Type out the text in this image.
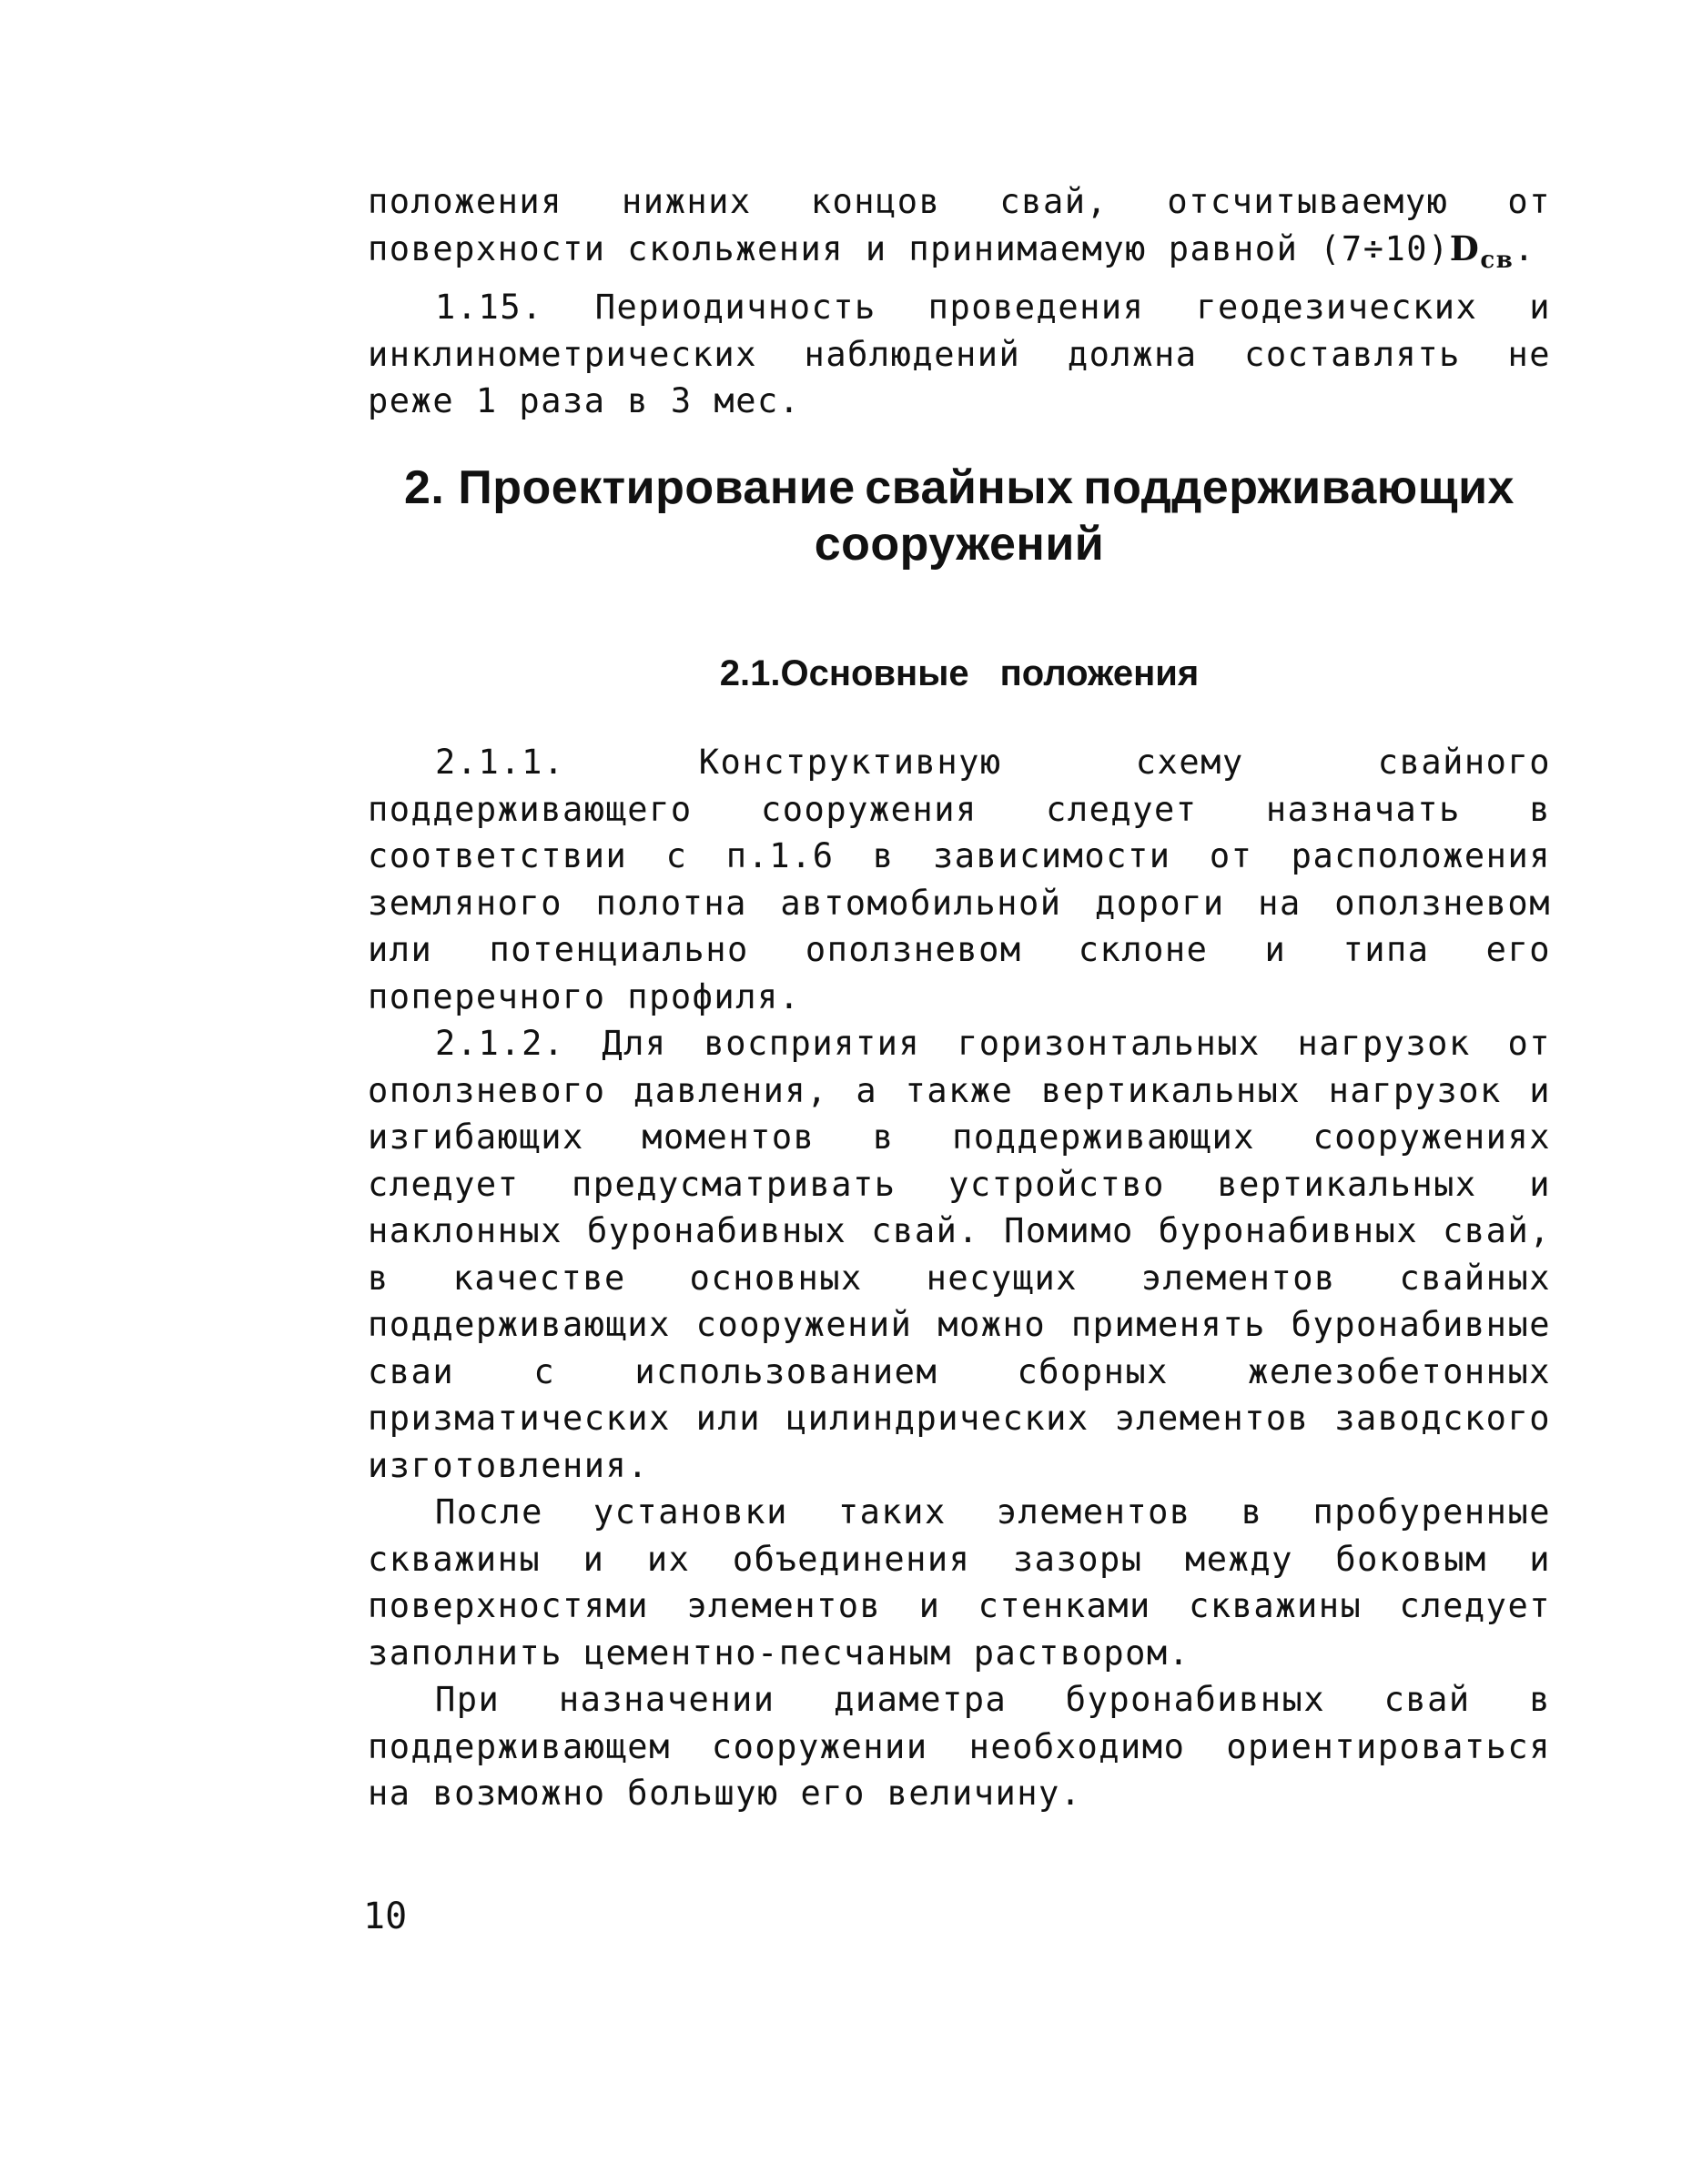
положения нижних концов свай, отсчитываемую от поверхности скольжения и принимаемую равной $(7\div 10)D_{св}$.

1.15. Периодичность проведения геодезических и инклинометрических наблюдений должна составлять не реже 1 раза в 3 мес.

2. Проектирование свайных поддерживающих
сооружений
2.1.Основные положения

2.1.1. Конструктивную схему свайного поддерживающего сооружения следует назначать в соответствии с п.1.6 в зависимости от расположения земляного полотна автомобильной дороги на оползневом или потенциально оползневом склоне и типа его поперечного профиля.

2.1.2. Для восприятия горизонтальных нагрузок от оползневого давления, а также вертикальных нагрузок и изгибающих моментов в поддерживающих сооружениях следует предусматривать устройство вертикальных и наклонных буронабивных свай. Помимо буронабивных свай, в качестве основных несущих элементов свайных поддерживающих сооружений можно применять буронабивные сваи с использованием сборных железобетонных призматических или цилиндрических элементов заводского изготовления.

После установки таких элементов в пробуренные скважины и их объединения зазоры между боковым и поверхностями элементов и стенками скважины следует заполнить цементно-песчаным раствором.

При назначении диаметра буронабивных свай в поддерживающем сооружении необходимо ориентироваться на возможно большую его величину.

10
